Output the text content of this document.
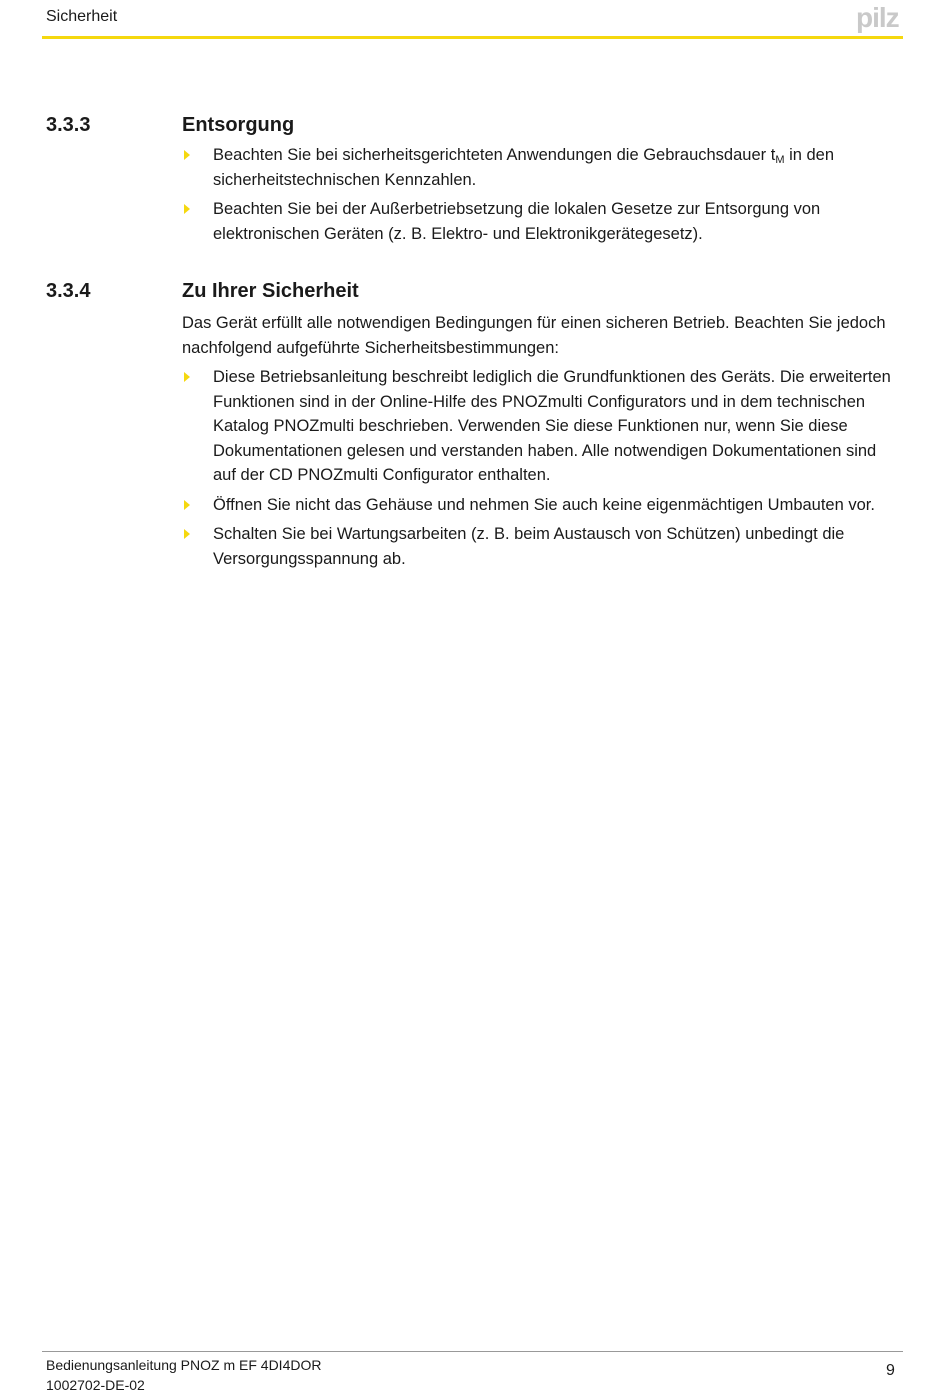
Sicherheit	pilz
3.3.3	Entsorgung
Beachten Sie bei sicherheitsgerichteten Anwendungen die Gebrauchsdauer $t_M$ in den sicherheitstechnischen Kennzahlen.
Beachten Sie bei der Außerbetriebsetzung die lokalen Gesetze zur Entsorgung von elektronischen Geräten (z. B. Elektro- und Elektronikgerätegesetz).
3.3.4	Zu Ihrer Sicherheit

Das Gerät erfüllt alle notwendigen Bedingungen für einen sicheren Betrieb. Beachten Sie jedoch nachfolgend aufgeführte Sicherheitsbestimmungen:

Diese Betriebsanleitung beschreibt lediglich die Grundfunktionen des Geräts. Die erweiterten Funktionen sind in der Online-Hilfe des PNOZmulti Configurators und in dem technischen Katalog PNOZmulti beschrieben. Verwenden Sie diese Funktionen nur, wenn Sie diese Dokumentationen gelesen und verstanden haben. Alle notwendigen Dokumentationen sind auf der CD PNOZmulti Configurator enthalten.
Öffnen Sie nicht das Gehäuse und nehmen Sie auch keine eigenmächtigen Umbauten vor.
Schalten Sie bei Wartungsarbeiten (z. B. beim Austausch von Schützen) unbedingt die Versorgungsspannung ab.
Bedienungsanleitung PNOZ m EF 4DI4DOR
1002702-DE-02
9
